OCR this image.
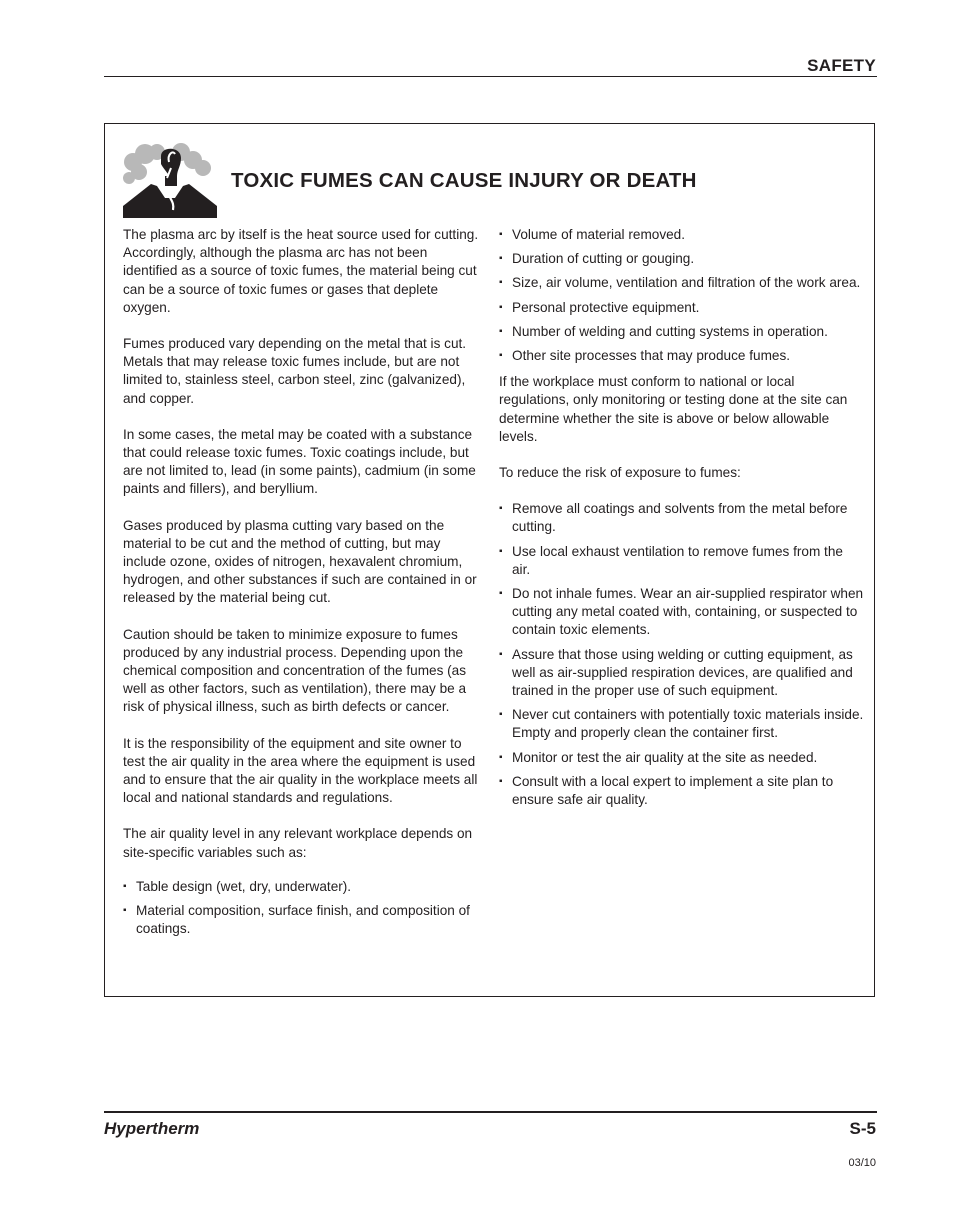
SAFETY
TOXIC FUMES CAN CAUSE INJURY OR DEATH

The plasma arc by itself is the heat source used for cutting. Accordingly, although the plasma arc has not been identified as a source of toxic fumes, the material being cut can be a source of toxic fumes or gases that deplete oxygen.

Fumes produced vary depending on the metal that is cut. Metals that may release toxic fumes include, but are not limited to, stainless steel, carbon steel, zinc (galvanized), and copper.

In some cases, the metal may be coated with a substance that could release toxic fumes. Toxic coatings include, but are not limited to, lead (in some paints), cadmium (in some paints and fillers), and beryllium.

Gases produced by plasma cutting vary based on the material to be cut and the method of cutting, but may include ozone, oxides of nitrogen, hexavalent chromium, hydrogen, and other substances if such are contained in or released by the material being cut.

Caution should be taken to minimize exposure to fumes produced by any industrial process. Depending upon the chemical composition and concentration of the fumes (as well as other factors, such as ventilation), there may be a risk of physical illness, such as birth defects or cancer.

It is the responsibility of the equipment and site owner to test the air quality in the area where the equipment is used and to ensure that the air quality in the workplace meets all local and national standards and regulations.

The air quality level in any relevant workplace depends on site-specific variables such as:

▪ Table design (wet, dry, underwater).
▪ Material composition, surface finish, and composition of coatings.
▪ Volume of material removed.
▪ Duration of cutting or gouging.
▪ Size, air volume, ventilation and filtration of the work area.
▪ Personal protective equipment.
▪ Number of welding and cutting systems in operation.
▪ Other site processes that may produce fumes.

If the workplace must conform to national or local regulations, only monitoring or testing done at the site can determine whether the site is above or below allowable levels.

To reduce the risk of exposure to fumes:

▪ Remove all coatings and solvents from the metal before cutting.
▪ Use local exhaust ventilation to remove fumes from the air.
▪ Do not inhale fumes. Wear an air-supplied respirator when cutting any metal coated with, containing, or suspected to contain toxic elements.
▪ Assure that those using welding or cutting equipment, as well as air-supplied respiration devices, are qualified and trained in the proper use of such equipment.
▪ Never cut containers with potentially toxic materials inside. Empty and properly clean the container first.
▪ Monitor or test the air quality at the site as needed.
▪ Consult with a local expert to implement a site plan to ensure safe air quality.
Hypertherm	S-5
03/10
